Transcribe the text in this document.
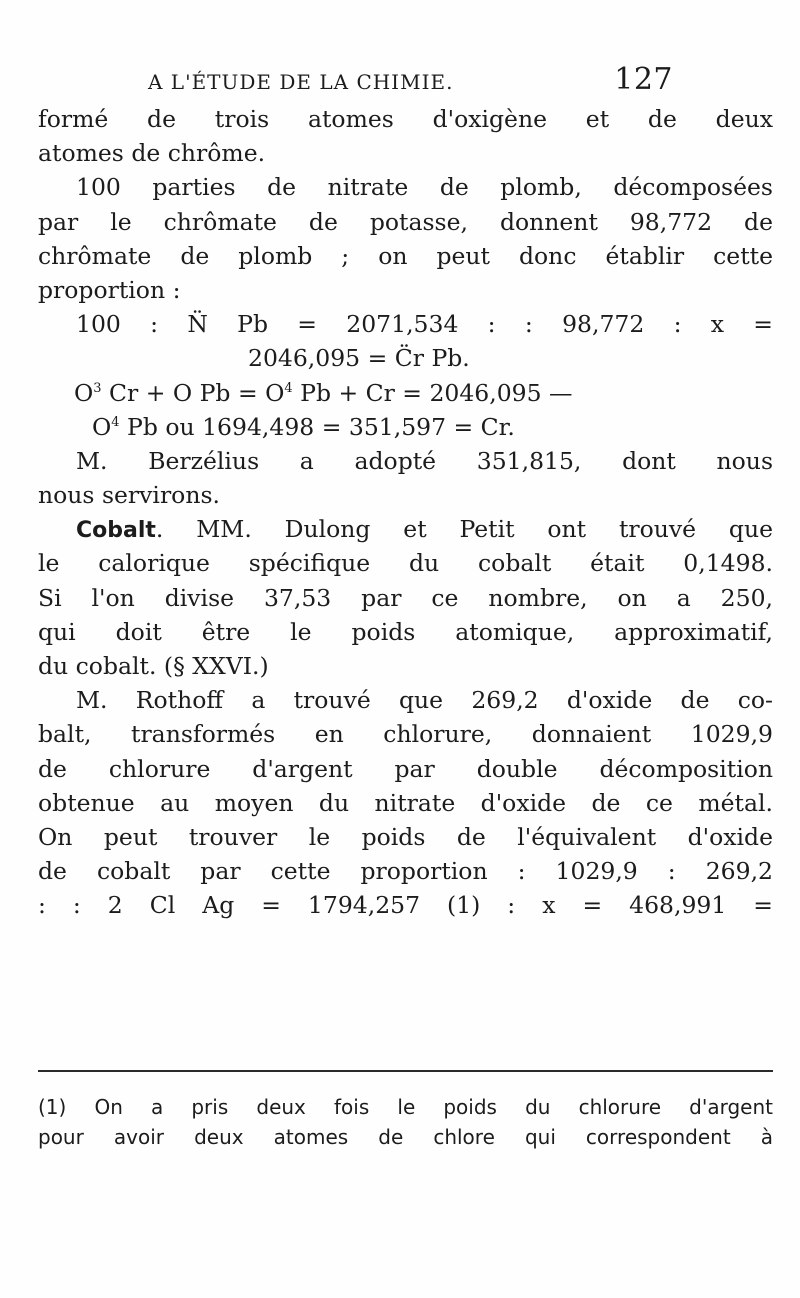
A L'ÉTUDE DE LA CHIMIE.	127
formé de trois atomes d'oxigène et de deux
atomes de chrôme.
100 parties de nitrate de plomb, décomposées
par le chrômate de potasse, donnent 98,772 de
chrômate de plomb ; on peut donc établir cette
proportion :
100 : N̈ Pb = 2071,534 : : 98,772 : x =
2046,095 = C̈r Pb.
$O^3$ Cr + O $Pb = O^4$ Pb + Cr = 2046,095 —
$O^4$ Pb ou 1694,498 = 351,597 = Cr.
M. Berzélius a adopté 351,815, dont nous
nous servirons.
Cobalt. MM. Dulong et Petit ont trouvé que
le calorique spécifique du cobalt était 0,1498.
Si l'on divise 37,53 par ce nombre, on a 250,
qui doit être le poids atomique, approximatif,
du cobalt. (§ XXVI.)
M. Rothoff a trouvé que 269,2 d'oxide de co-
balt, transformés en chlorure, donnaient 1029,9
de chlorure d'argent par double décomposition
obtenue au moyen du nitrate d'oxide de ce métal.
On peut trouver le poids de l'équivalent d'oxide
de cobalt par cette proportion : 1029,9 : 269,2
: : 2 Cl Ag = 1794,257 (1) : x = 468,991 =
(1) On a pris deux fois le poids du chlorure d'argent
pour avoir deux atomes de chlore qui correspondent à
